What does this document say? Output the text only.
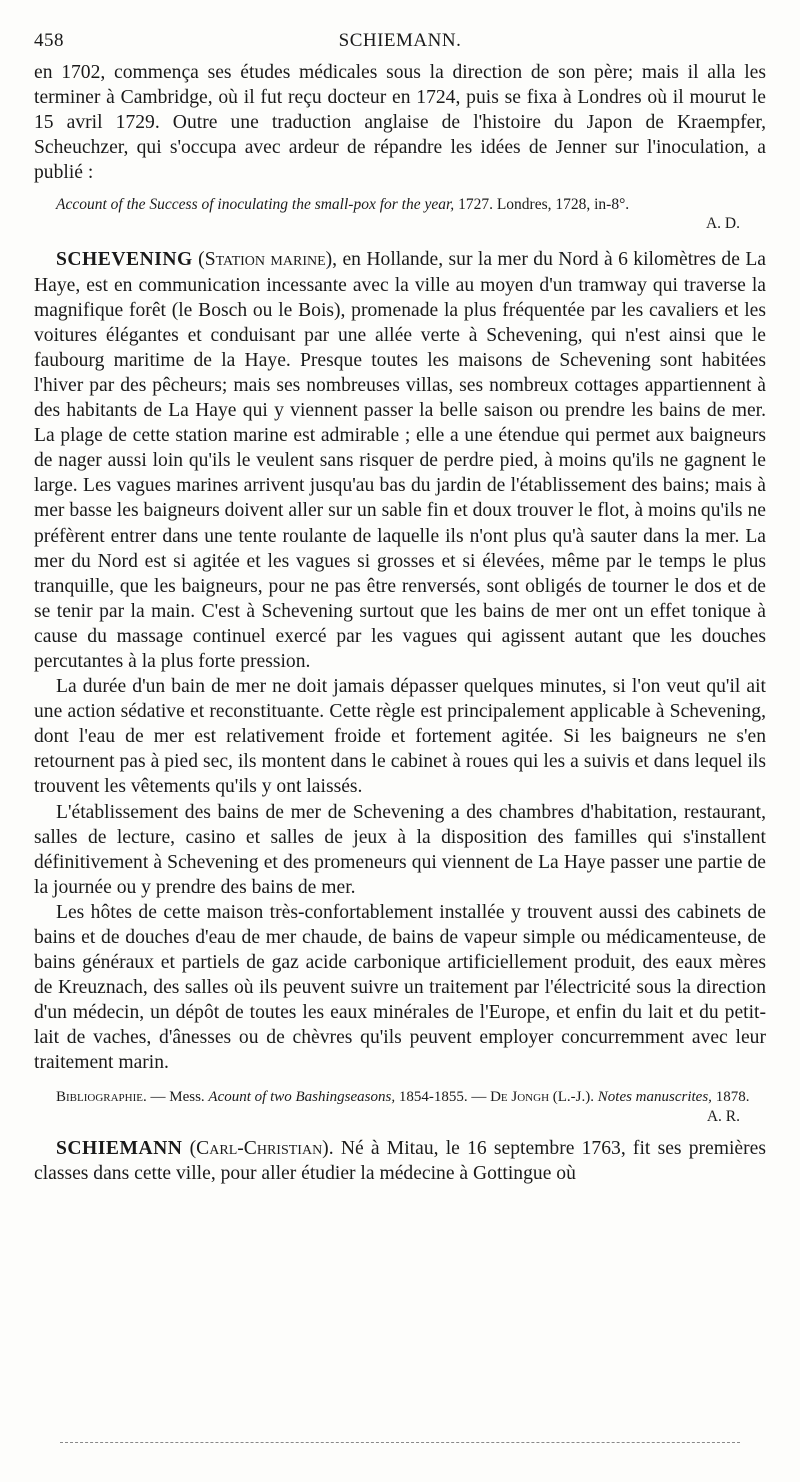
458	SCHIEMANN.

en 1702, commença ses études médicales sous la direction de son père; mais il alla les terminer à Cambridge, où il fut reçu docteur en 1724, puis se fixa à Londres où il mourut le 15 avril 1729. Outre une traduction anglaise de l'histoire du Japon de Kraempfer, Scheuchzer, qui s'occupa avec ardeur de répandre les idées de Jenner sur l'inoculation, a publié :

Account of the Success of inoculating the small-pox for the year, 1727. Londres, 1728, in-8°.

A. D.

SCHEVENING (Station marine), en Hollande, sur la mer du Nord à 6 kilomètres de La Haye, est en communication incessante avec la ville au moyen d'un tramway qui traverse la magnifique forêt (le Bosch ou le Bois), promenade la plus fréquentée par les cavaliers et les voitures élégantes et conduisant par une allée verte à Schevening, qui n'est ainsi que le faubourg maritime de la Haye. Presque toutes les maisons de Schevening sont habitées l'hiver par des pêcheurs; mais ses nombreuses villas, ses nombreux cottages appartiennent à des habitants de La Haye qui y viennent passer la belle saison ou prendre les bains de mer. La plage de cette station marine est admirable ; elle a une étendue qui permet aux baigneurs de nager aussi loin qu'ils le veulent sans risquer de perdre pied, à moins qu'ils ne gagnent le large. Les vagues marines arrivent jusqu'au bas du jardin de l'établissement des bains; mais à mer basse les baigneurs doivent aller sur un sable fin et doux trouver le flot, à moins qu'ils ne préfèrent entrer dans une tente roulante de laquelle ils n'ont plus qu'à sauter dans la mer. La mer du Nord est si agitée et les vagues si grosses et si élevées, même par le temps le plus tranquille, que les baigneurs, pour ne pas être renversés, sont obligés de tourner le dos et de se tenir par la main. C'est à Schevening surtout que les bains de mer ont un effet tonique à cause du massage continuel exercé par les vagues qui agissent autant que les douches percutantes à la plus forte pression.

La durée d'un bain de mer ne doit jamais dépasser quelques minutes, si l'on veut qu'il ait une action sédative et reconstituante. Cette règle est principalement applicable à Schevening, dont l'eau de mer est relativement froide et fortement agitée. Si les baigneurs ne s'en retournent pas à pied sec, ils montent dans le cabinet à roues qui les a suivis et dans lequel ils trouvent les vêtements qu'ils y ont laissés.

L'établissement des bains de mer de Schevening a des chambres d'habitation, restaurant, salles de lecture, casino et salles de jeux à la disposition des familles qui s'installent définitivement à Schevening et des promeneurs qui viennent de La Haye passer une partie de la journée ou y prendre des bains de mer.

Les hôtes de cette maison très-confortablement installée y trouvent aussi des cabinets de bains et de douches d'eau de mer chaude, de bains de vapeur simple ou médicamenteuse, de bains généraux et partiels de gaz acide carbonique artificiellement produit, des eaux mères de Kreuznach, des salles où ils peuvent suivre un traitement par l'électricité sous la direction d'un médecin, un dépôt de toutes les eaux minérales de l'Europe, et enfin du lait et du petit-lait de vaches, d'ânesses ou de chèvres qu'ils peuvent employer concurremment avec leur traitement marin.

Bibliographie. — Mess. Acount of two Bashingseasons, 1854-1855. — De Jongh (L.-J.). Notes manuscrites, 1878.

A. R.

SCHIEMANN (Carl-Christian). Né à Mitau, le 16 septembre 1763, fit ses premières classes dans cette ville, pour aller étudier la médecine à Gottingue où
